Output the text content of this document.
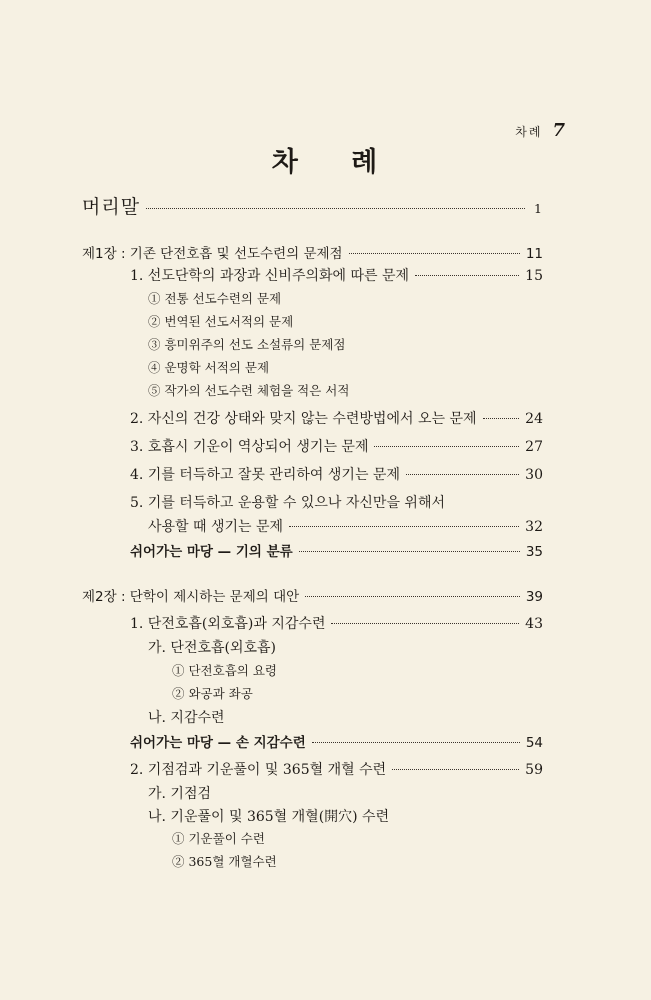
차례 7
차 례
머리말	1
제1장 : 기존 단전호흡 및 선도수련의 문제점	11
1. 선도단학의 과장과 신비주의화에 따른 문제	15
① 전통 선도수련의 문제
② 번역된 선도서적의 문제
③ 흥미위주의 선도 소설류의 문제점
④ 운명학 서적의 문제
⑤ 작가의 선도수련 체험을 적은 서적
2. 자신의 건강 상태와 맞지 않는 수련방법에서 오는 문제	24
3. 호흡시 기운이 역상되어 생기는 문제	27
4. 기를 터득하고 잘못 관리하여 생기는 문제	30
5. 기를 터득하고 운용할 수 있으나 자신만을 위해서
사용할 때 생기는 문제	32
쉬어가는 마당 — 기의 분류	35
제2장 : 단학이 제시하는 문제의 대안	39
1. 단전호흡(외호흡)과 지감수련	43
가. 단전호흡(외호흡)
① 단전호흡의 요령
② 와공과 좌공
나. 지감수련
쉬어가는 마당 — 손 지감수련	54
2. 기점검과 기운풀이 및 365혈 개혈 수련	59
가. 기점검
나. 기운풀이 및 365혈 개혈(開穴) 수련
① 기운풀이 수련
② 365혈 개혈수련
